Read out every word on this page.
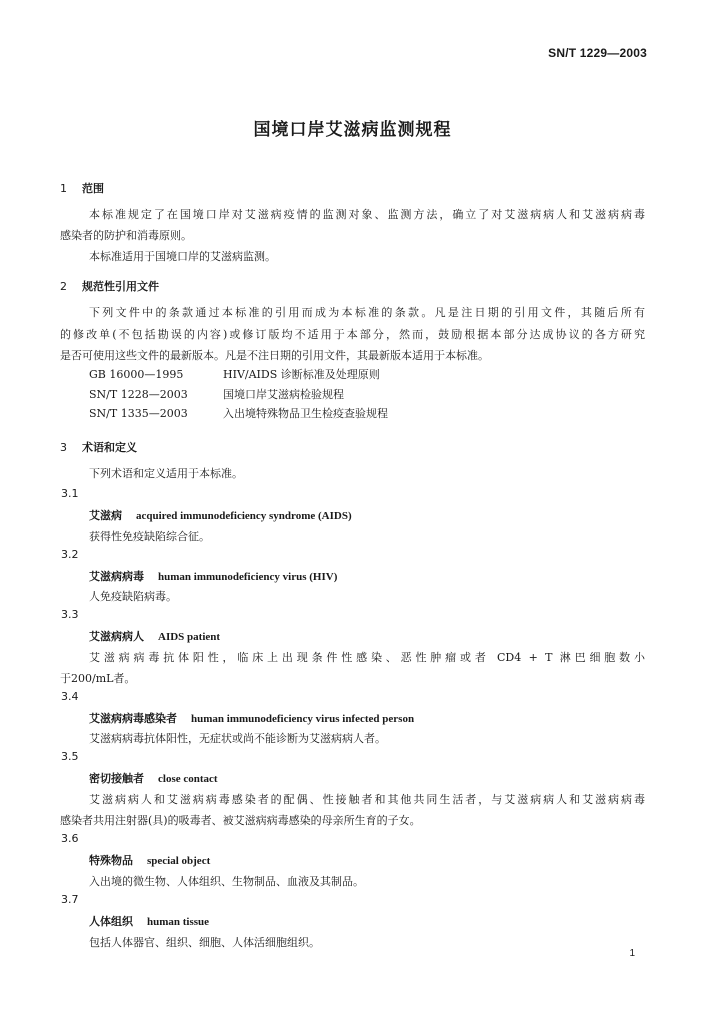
SN/T 1229—2003
国境口岸艾滋病监测规程
1 范围
本标准规定了在国境口岸对艾滋病疫情的监测对象、监测方法，确立了对艾滋病病人和艾滋病病毒
感染者的防护和消毒原则。
本标准适用于国境口岸的艾滋病监测。
2 规范性引用文件
下列文件中的条款通过本标准的引用而成为本标准的条款。凡是注日期的引用文件，其随后所有
的修改单(不包括勘误的内容)或修订版均不适用于本部分，然而，鼓励根据本部分达成协议的各方研究
是否可使用这些文件的最新版本。凡是不注日期的引用文件，其最新版本适用于本标准。
GB 16000—1995	HIV/AIDS 诊断标准及处理原则
SN/T 1228—2003	国境口岸艾滋病检验规程
SN/T 1335—2003	入出境特殊物品卫生检疫查验规程
3 术语和定义
下列术语和定义适用于本标准。
3.1
艾滋病 acquired immunodeficiency syndrome (AIDS)
获得性免疫缺陷综合征。
3.2
艾滋病病毒 human immunodeficiency virus (HIV)
人免疫缺陷病毒。
3.3
艾滋病病人 AIDS patient
艾滋病病毒抗体阳性，临床上出现条件性感染、恶性肿瘤或者 CD4 + T 淋巴细胞数小
于200/mL者。
3.4
艾滋病病毒感染者 human immunodeficiency virus infected person
艾滋病病毒抗体阳性，无症状或尚不能诊断为艾滋病病人者。
3.5
密切接触者 close contact
艾滋病病人和艾滋病病毒感染者的配偶、性接触者和其他共同生活者，与艾滋病病人和艾滋病病毒
感染者共用注射器(具)的吸毒者、被艾滋病病毒感染的母亲所生育的子女。
3.6
特殊物品 special object
入出境的微生物、人体组织、生物制品、血液及其制品。
3.7
人体组织 human tissue
包括人体器官、组织、细胞、人体活细胞组织。
1
